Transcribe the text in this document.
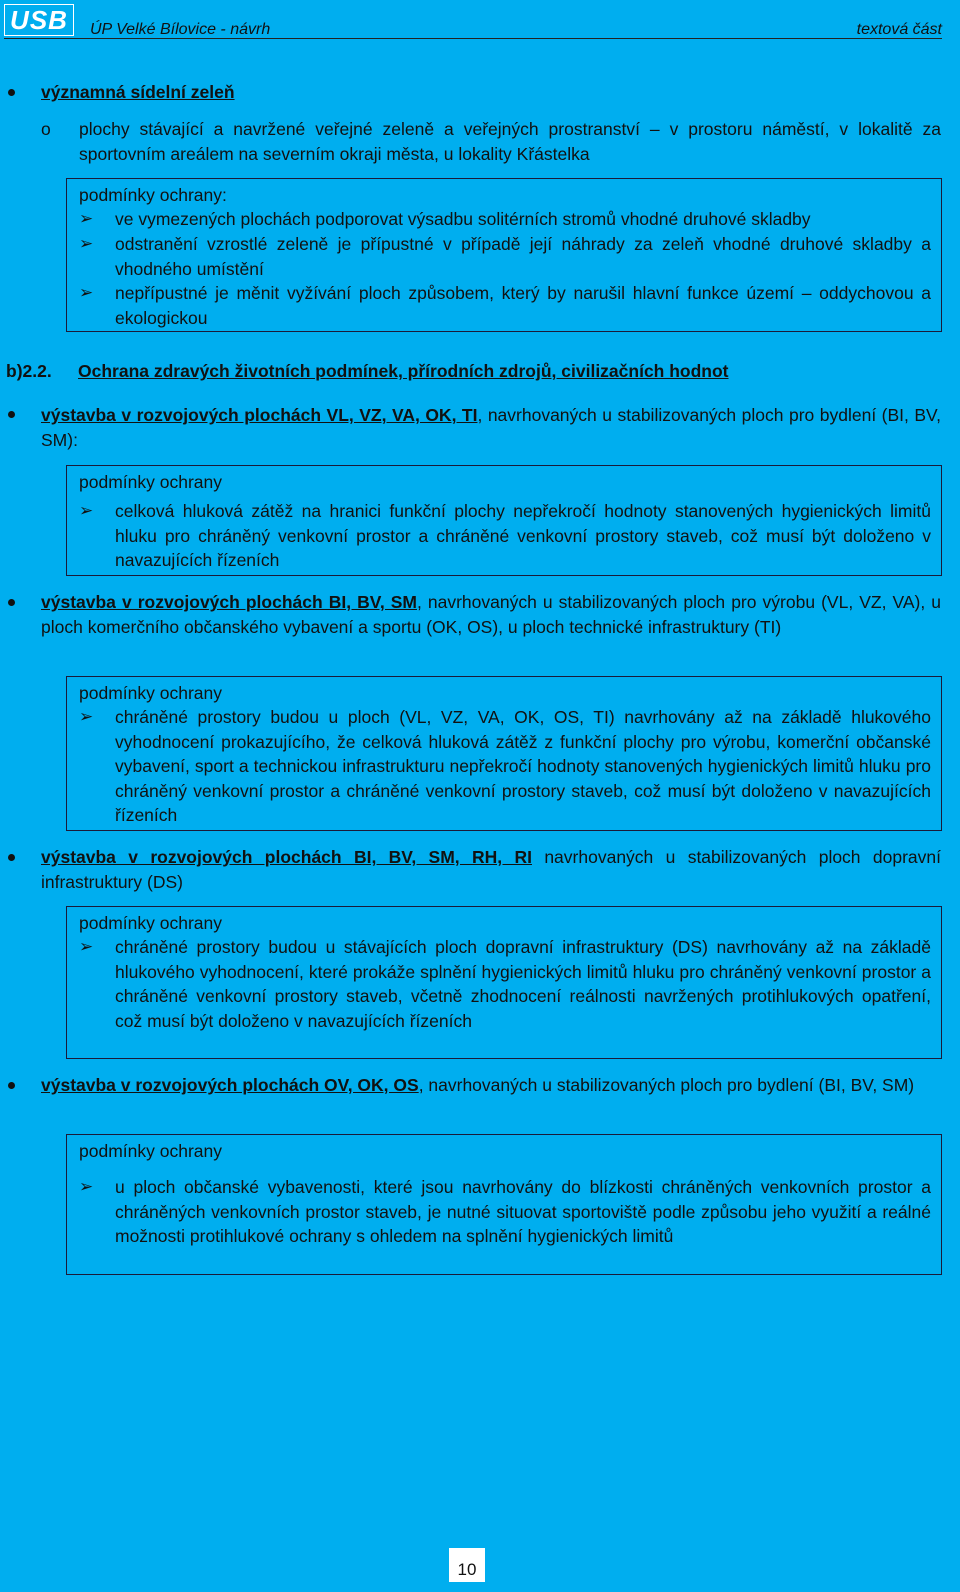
USB	ÚP Velké Bílovice - návrh	textová část
významná sídelní zeleň
o plochy stávající a navržené veřejné zeleně a veřejných prostranství – v prostoru náměstí, v lokalitě za sportovním areálem na severním okraji města, u lokality Křástelka
podmínky ochrany:
➢ ve vymezených plochách podporovat výsadbu solitérních stromů vhodné druhové skladby
➢ odstranění vzrostlé zeleně je přípustné v případě její náhrady za zeleň vhodné druhové skladby a vhodného umístění
➢ nepřípustné je měnit vyžívání ploch způsobem, který by narušil hlavní funkce území – oddychovou a ekologickou
b)2.2. Ochrana zdravých životních podmínek, přírodních zdrojů, civilizačních hodnot
výstavba v rozvojových plochách VL, VZ, VA, OK, TI, navrhovaných u stabilizovaných ploch pro bydlení (BI, BV, SM):
podmínky ochrany
➢ celková hluková zátěž na hranici funkční plochy nepřekročí hodnoty stanovených hygienických limitů hluku pro chráněný venkovní prostor a chráněné venkovní prostory staveb, což musí být doloženo v navazujících řízeních
výstavba v rozvojových plochách BI, BV, SM, navrhovaných u stabilizovaných ploch pro výrobu (VL, VZ, VA), u ploch komerčního občanského vybavení a sportu (OK, OS), u ploch technické infrastruktury (TI)
podmínky ochrany
➢ chráněné prostory budou u ploch (VL, VZ, VA, OK, OS, TI) navrhovány až na základě hlukového vyhodnocení prokazujícího, že celková hluková zátěž z funkční plochy pro výrobu, komerční občanské vybavení, sport a technickou infrastrukturu nepřekročí hodnoty stanovených hygienických limitů hluku pro chráněný venkovní prostor a chráněné venkovní prostory staveb, což musí být doloženo v navazujících řízeních
výstavba v rozvojových plochách BI, BV, SM, RH, RI navrhovaných u stabilizovaných ploch dopravní infrastruktury (DS)
podmínky ochrany
➢ chráněné prostory budou u stávajících ploch dopravní infrastruktury (DS) navrhovány až na základě hlukového vyhodnocení, které prokáže splnění hygienických limitů hluku pro chráněný venkovní prostor a chráněné venkovní prostory staveb, včetně zhodnocení reálnosti navržených protihlukových opatření, což musí být doloženo v navazujících řízeních
výstavba v rozvojových plochách OV, OK, OS, navrhovaných u stabilizovaných ploch pro bydlení (BI, BV, SM)
podmínky ochrany
➢ u ploch občanské vybavenosti, které jsou navrhovány do blízkosti chráněných venkovních prostor a chráněných venkovních prostor staveb, je nutné situovat sportoviště podle způsobu jeho využití a reálné možnosti protihlukové ochrany s ohledem na splnění hygienických limitů
10
